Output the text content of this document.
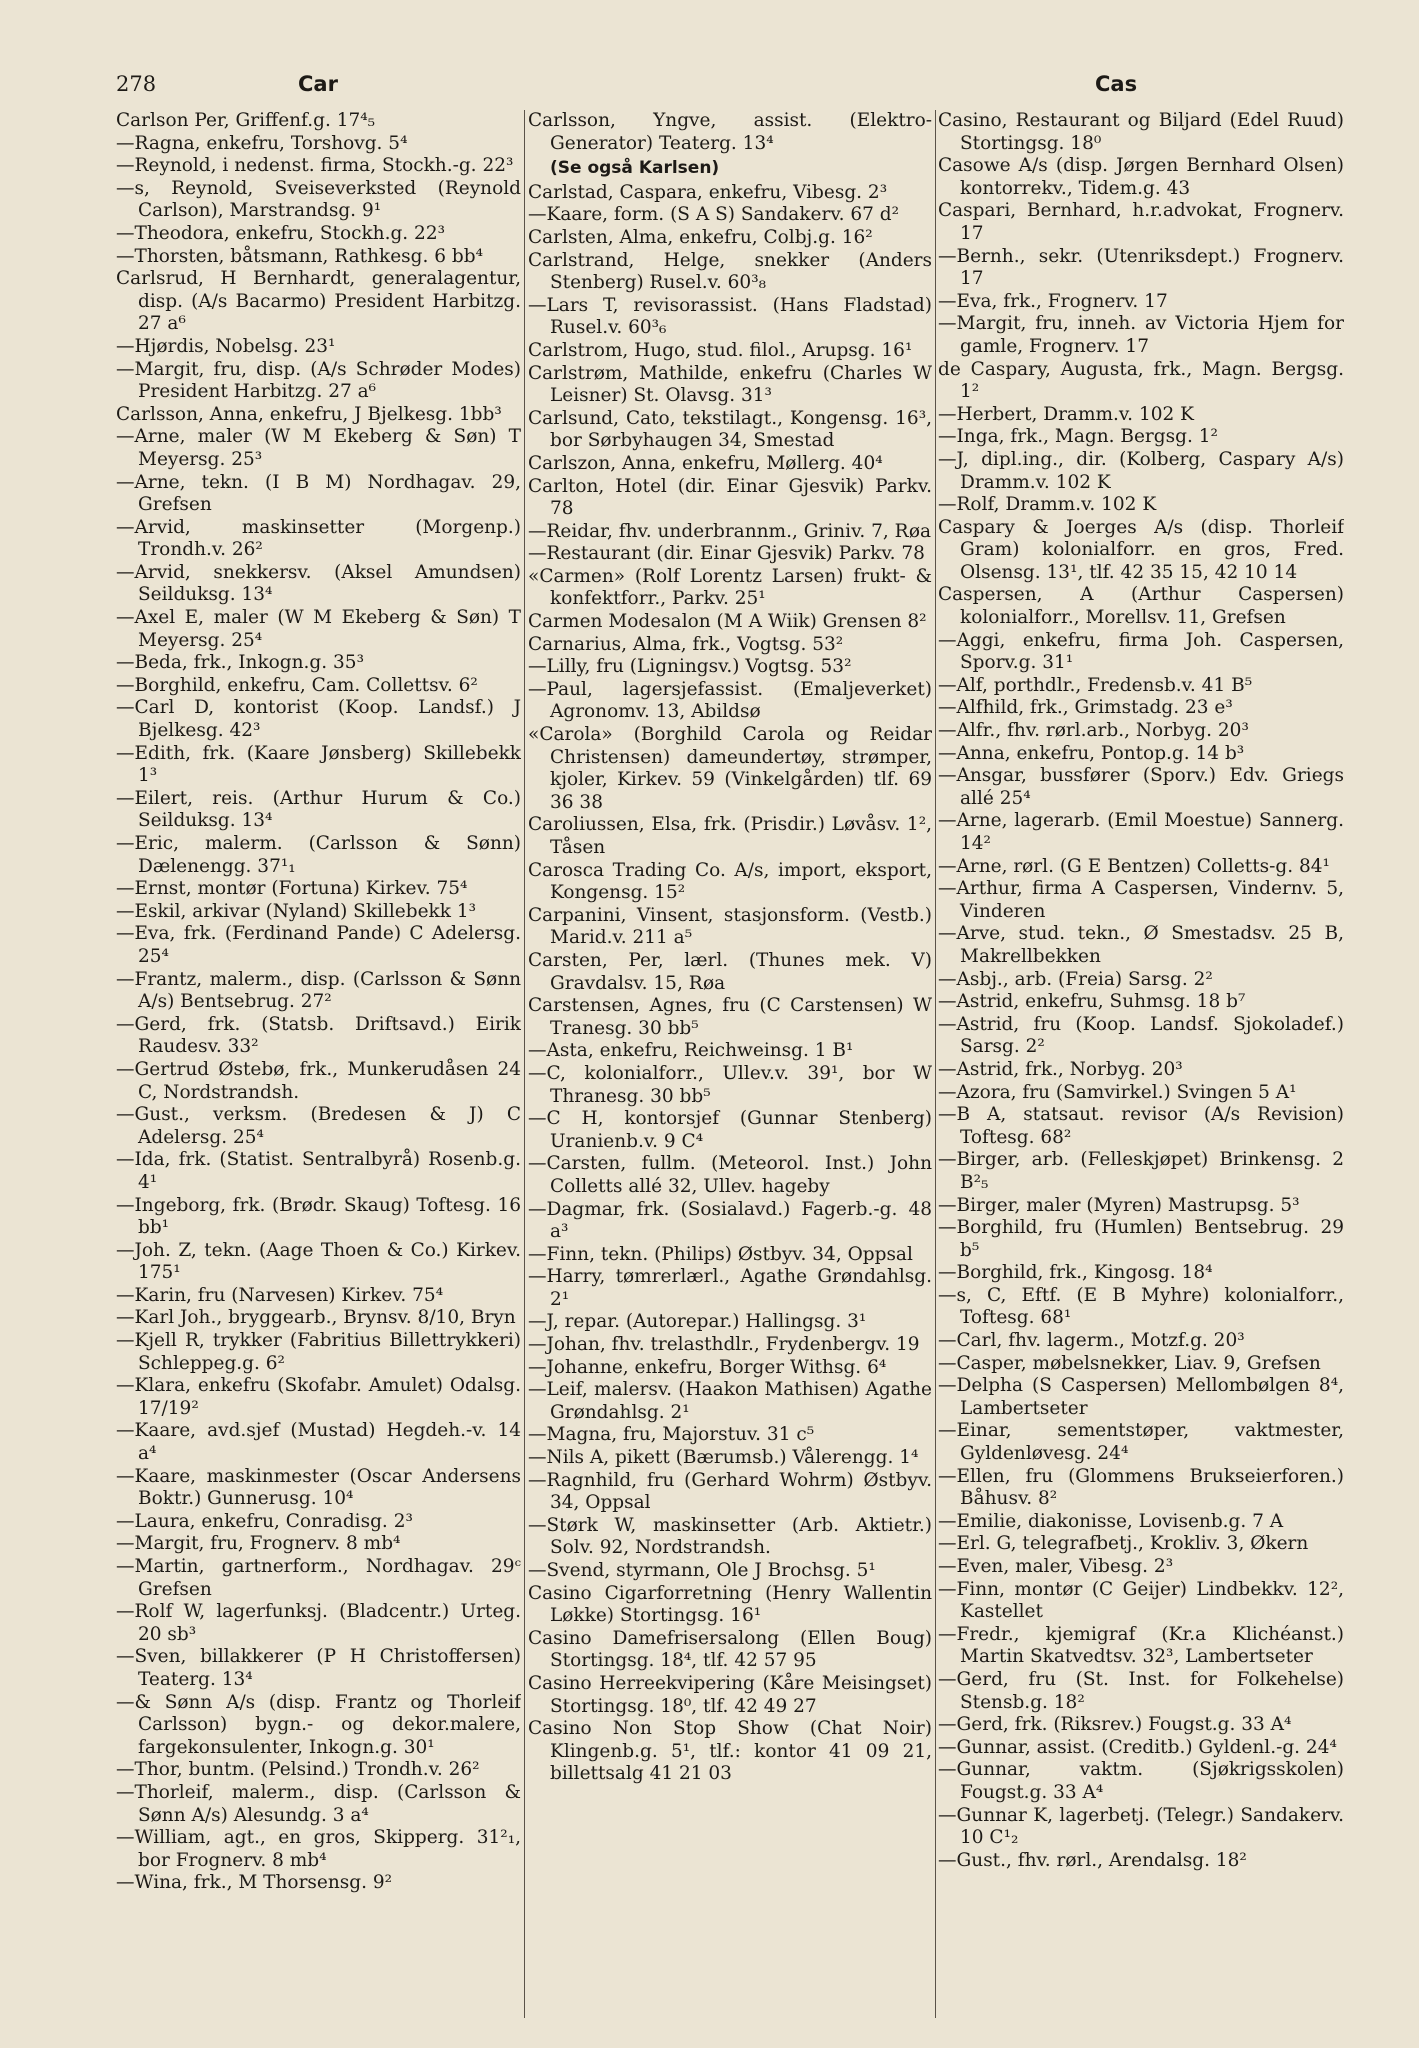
278	Car	Cas

Carlson Per, Griffenf.g. 17⁴₅

—Ragna, enkefru, Torshovg. 5⁴

—Reynold, i nedenst. firma, Stockh.-g. 22³

—s, Reynold, Sveiseverksted (Reynold Carlson), Marstrandsg. 9¹

—Theodora, enkefru, Stockh.g. 22³

—Thorsten, båtsmann, Rathkesg. 6 bb⁴

Carlsrud, H Bernhardt, generalagentur, disp. (A/s Bacarmo) President Harbitzg. 27 a⁶

—Hjørdis, Nobelsg. 23¹

—Margit, fru, disp. (A/s Schrøder Modes) President Harbitzg. 27 a⁶

Carlsson, Anna, enkefru, J Bjelkesg. 1bb³

—Arne, maler (W M Ekeberg & Søn) T Meyersg. 25³

—Arne, tekn. (I B M) Nordhagav. 29, Grefsen

—Arvid, maskinsetter (Morgenp.) Trondh.v. 26²

—Arvid, snekkersv. (Aksel Amundsen) Seilduksg. 13⁴

—Axel E, maler (W M Ekeberg & Søn) T Meyersg. 25⁴

—Beda, frk., Inkogn.g. 35³

—Borghild, enkefru, Cam. Collettsv. 6²

—Carl D, kontorist (Koop. Landsf.) J Bjelkesg. 42³

—Edith, frk. (Kaare Jønsberg) Skillebekk 1³

—Eilert, reis. (Arthur Hurum & Co.) Seilduksg. 13⁴

—Eric, malerm. (Carlsson & Sønn) Dælenengg. 37¹₁

—Ernst, montør (Fortuna) Kirkev. 75⁴

—Eskil, arkivar (Nyland) Skillebekk 1³

—Eva, frk. (Ferdinand Pande) C Adelersg. 25⁴

—Frantz, malerm., disp. (Carlsson & Sønn A/s) Bentsebrug. 27²

—Gerd, frk. (Statsb. Driftsavd.) Eirik Raudesv. 33²

—Gertrud Østebø, frk., Munkerudåsen 24 C, Nordstrandsh.

—Gust., verksm. (Bredesen & J) C Adelersg. 25⁴

—Ida, frk. (Statist. Sentralbyrå) Rosenb.g. 4¹

—Ingeborg, frk. (Brødr. Skaug) Toftesg. 16 bb¹

—Joh. Z, tekn. (Aage Thoen & Co.) Kirkev. 175¹

—Karin, fru (Narvesen) Kirkev. 75⁴

—Karl Joh., bryggearb., Brynsv. 8/10, Bryn

—Kjell R, trykker (Fabritius Billettrykkeri) Schleppeg.g. 6²

—Klara, enkefru (Skofabr. Amulet) Odalsg. 17/19²

—Kaare, avd.sjef (Mustad) Hegdeh.-v. 14 a⁴

—Kaare, maskinmester (Oscar Andersens Boktr.) Gunnerusg. 10⁴

—Laura, enkefru, Conradisg. 2³

—Margit, fru, Frognerv. 8 mb⁴

—Martin, gartnerform., Nordhagav. 29ᶜ Grefsen

—Rolf W, lagerfunksj. (Bladcentr.) Urteg. 20 sb³

—Sven, billakkerer (P H Christoffersen) Teaterg. 13⁴

—& Sønn A/s (disp. Frantz og Thorleif Carlsson) bygn.- og dekor.malere, fargekonsulenter, Inkogn.g. 30¹

—Thor, buntm. (Pelsind.) Trondh.v. 26²

—Thorleif, malerm., disp. (Carlsson & Sønn A/s) Alesundg. 3 a⁴

—William, agt., en gros, Skipperg. 31²₁, bor Frognerv. 8 mb⁴

—Wina, frk., M Thorsensg. 9²

Carlsson, Yngve, assist. (Elektro-Generator) Teaterg. 13⁴

(Se også Karlsen)

Carlstad, Caspara, enkefru, Vibesg. 2³

—Kaare, form. (S A S) Sandakerv. 67 d²

Carlsten, Alma, enkefru, Colbj.g. 16²

Carlstrand, Helge, snekker (Anders Stenberg) Rusel.v. 60³₈

—Lars T, revisorassist. (Hans Fladstad) Rusel.v. 60³₆

Carlstrom, Hugo, stud. filol., Arupsg. 16¹

Carlstrøm, Mathilde, enkefru (Charles W Leisner) St. Olavsg. 31³

Carlsund, Cato, tekstilagt., Kongensg. 16³, bor Sørbyhaugen 34, Smestad

Carlszon, Anna, enkefru, Møllerg. 40⁴

Carlton, Hotel (dir. Einar Gjesvik) Parkv. 78

—Reidar, fhv. underbrannm., Griniv. 7, Røa

—Restaurant (dir. Einar Gjesvik) Parkv. 78

«Carmen» (Rolf Lorentz Larsen) frukt- & konfektforr., Parkv. 25¹

Carmen Modesalon (M A Wiik) Grensen 8²

Carnarius, Alma, frk., Vogtsg. 53²

—Lilly, fru (Ligningsv.) Vogtsg. 53²

—Paul, lagersjefassist. (Emaljeverket) Agronomv. 13, Abildsø

«Carola» (Borghild Carola og Reidar Christensen) dameundertøy, strømper, kjoler, Kirkev. 59 (Vinkelgården) tlf. 69 36 38

Caroliussen, Elsa, frk. (Prisdir.) Løvåsv. 1², Tåsen

Carosca Trading Co. A/s, import, eksport, Kongensg. 15²

Carpanini, Vinsent, stasjonsform. (Vestb.) Marid.v. 211 a⁵

Carsten, Per, lærl. (Thunes mek. V) Gravdalsv. 15, Røa

Carstensen, Agnes, fru (C Carstensen) W Tranesg. 30 bb⁵

—Asta, enkefru, Reichweinsg. 1 B¹

—C, kolonialforr., Ullev.v. 39¹, bor W Thranesg. 30 bb⁵

—C H, kontorsjef (Gunnar Stenberg) Uranienb.v. 9 C⁴

—Carsten, fullm. (Meteorol. Inst.) John Colletts allé 32, Ullev. hageby

—Dagmar, frk. (Sosialavd.) Fagerb.-g. 48 a³

—Finn, tekn. (Philips) Østbyv. 34, Oppsal

—Harry, tømrerlærl., Agathe Grøndahlsg. 2¹

—J, repar. (Autorepar.) Hallingsg. 3¹

—Johan, fhv. trelasthdlr., Frydenbergv. 19

—Johanne, enkefru, Borger Withsg. 6⁴

—Leif, malersv. (Haakon Mathisen) Agathe Grøndahlsg. 2¹

—Magna, fru, Majorstuv. 31 c⁵

—Nils A, pikett (Bærumsb.) Vålerengg. 1⁴

—Ragnhild, fru (Gerhard Wohrm) Østbyv. 34, Oppsal

—Størk W, maskinsetter (Arb. Aktietr.) Solv. 92, Nordstrandsh.

—Svend, styrmann, Ole J Brochsg. 5¹

Casino Cigarforretning (Henry Wallentin Løkke) Stortingsg. 16¹

Casino Damefrisersalong (Ellen Boug) Stortingsg. 18⁴, tlf. 42 57 95

Casino Herreekvipering (Kåre Meisingset) Stortingsg. 18⁰, tlf. 42 49 27

Casino Non Stop Show (Chat Noir) Klingenb.g. 5¹, tlf.: kontor 41 09 21, billettsalg 41 21 03

Casino, Restaurant og Biljard (Edel Ruud) Stortingsg. 18⁰

Casowe A/s (disp. Jørgen Bernhard Olsen) kontorrekv., Tidem.g. 43

Caspari, Bernhard, h.r.advokat, Frognerv. 17

—Bernh., sekr. (Utenriksdept.) Frognerv. 17

—Eva, frk., Frognerv. 17

—Margit, fru, inneh. av Victoria Hjem for gamle, Frognerv. 17

de Caspary, Augusta, frk., Magn. Bergsg. 1²

—Herbert, Dramm.v. 102 K

—Inga, frk., Magn. Bergsg. 1²

—J, dipl.ing., dir. (Kolberg, Caspary A/s) Dramm.v. 102 K

—Rolf, Dramm.v. 102 K

Caspary & Joerges A/s (disp. Thorleif Gram) kolonialforr. en gros, Fred. Olsensg. 13¹, tlf. 42 35 15, 42 10 14

Caspersen, A (Arthur Caspersen) kolonialforr., Morellsv. 11, Grefsen

—Aggi, enkefru, firma Joh. Caspersen, Sporv.g. 31¹

—Alf, porthdlr., Fredensb.v. 41 B⁵

—Alfhild, frk., Grimstadg. 23 e³

—Alfr., fhv. rørl.arb., Norbyg. 20³

—Anna, enkefru, Pontop.g. 14 b³

—Ansgar, bussfører (Sporv.) Edv. Griegs allé 25⁴

—Arne, lagerarb. (Emil Moestue) Sannerg. 14²

—Arne, rørl. (G E Bentzen) Colletts-g. 84¹

—Arthur, firma A Caspersen, Vindernv. 5, Vinderen

—Arve, stud. tekn., Ø Smestadsv. 25 B, Makrellbekken

—Asbj., arb. (Freia) Sarsg. 2²

—Astrid, enkefru, Suhmsg. 18 b⁷

—Astrid, fru (Koop. Landsf. Sjokoladef.) Sarsg. 2²

—Astrid, frk., Norbyg. 20³

—Azora, fru (Samvirkel.) Svingen 5 A¹

—B A, statsaut. revisor (A/s Revision) Toftesg. 68²

—Birger, arb. (Felleskjøpet) Brinkensg. 2 B²₅

—Birger, maler (Myren) Mastrupsg. 5³

—Borghild, fru (Humlen) Bentsebrug. 29 b⁵

—Borghild, frk., Kingosg. 18⁴

—s, C, Eftf. (E B Myhre) kolonialforr., Toftesg. 68¹

—Carl, fhv. lagerm., Motzf.g. 20³

—Casper, møbelsnekker, Liav. 9, Grefsen

—Delpha (S Caspersen) Mellombølgen 8⁴, Lambertseter

—Einar, sementstøper, vaktmester, Gyldenløvesg. 24⁴

—Ellen, fru (Glommens Brukseierforen.) Båhusv. 8²

—Emilie, diakonisse, Lovisenb.g. 7 A

—Erl. G, telegrafbetj., Krokliv. 3, Økern

—Even, maler, Vibesg. 2³

—Finn, montør (C Geijer) Lindbekkv. 12², Kastellet

—Fredr., kjemigraf (Kr.a Klichéanst.) Martin Skatvedtsv. 32³, Lambertseter

—Gerd, fru (St. Inst. for Folkehelse) Stensb.g. 18²

—Gerd, frk. (Riksrev.) Fougst.g. 33 A⁴

—Gunnar, assist. (Creditb.) Gyldenl.-g. 24⁴

—Gunnar, vaktm. (Sjøkrigsskolen) Fougst.g. 33 A⁴

—Gunnar K, lagerbetj. (Telegr.) Sandakerv. 10 C¹₂

—Gust., fhv. rørl., Arendalsg. 18²
